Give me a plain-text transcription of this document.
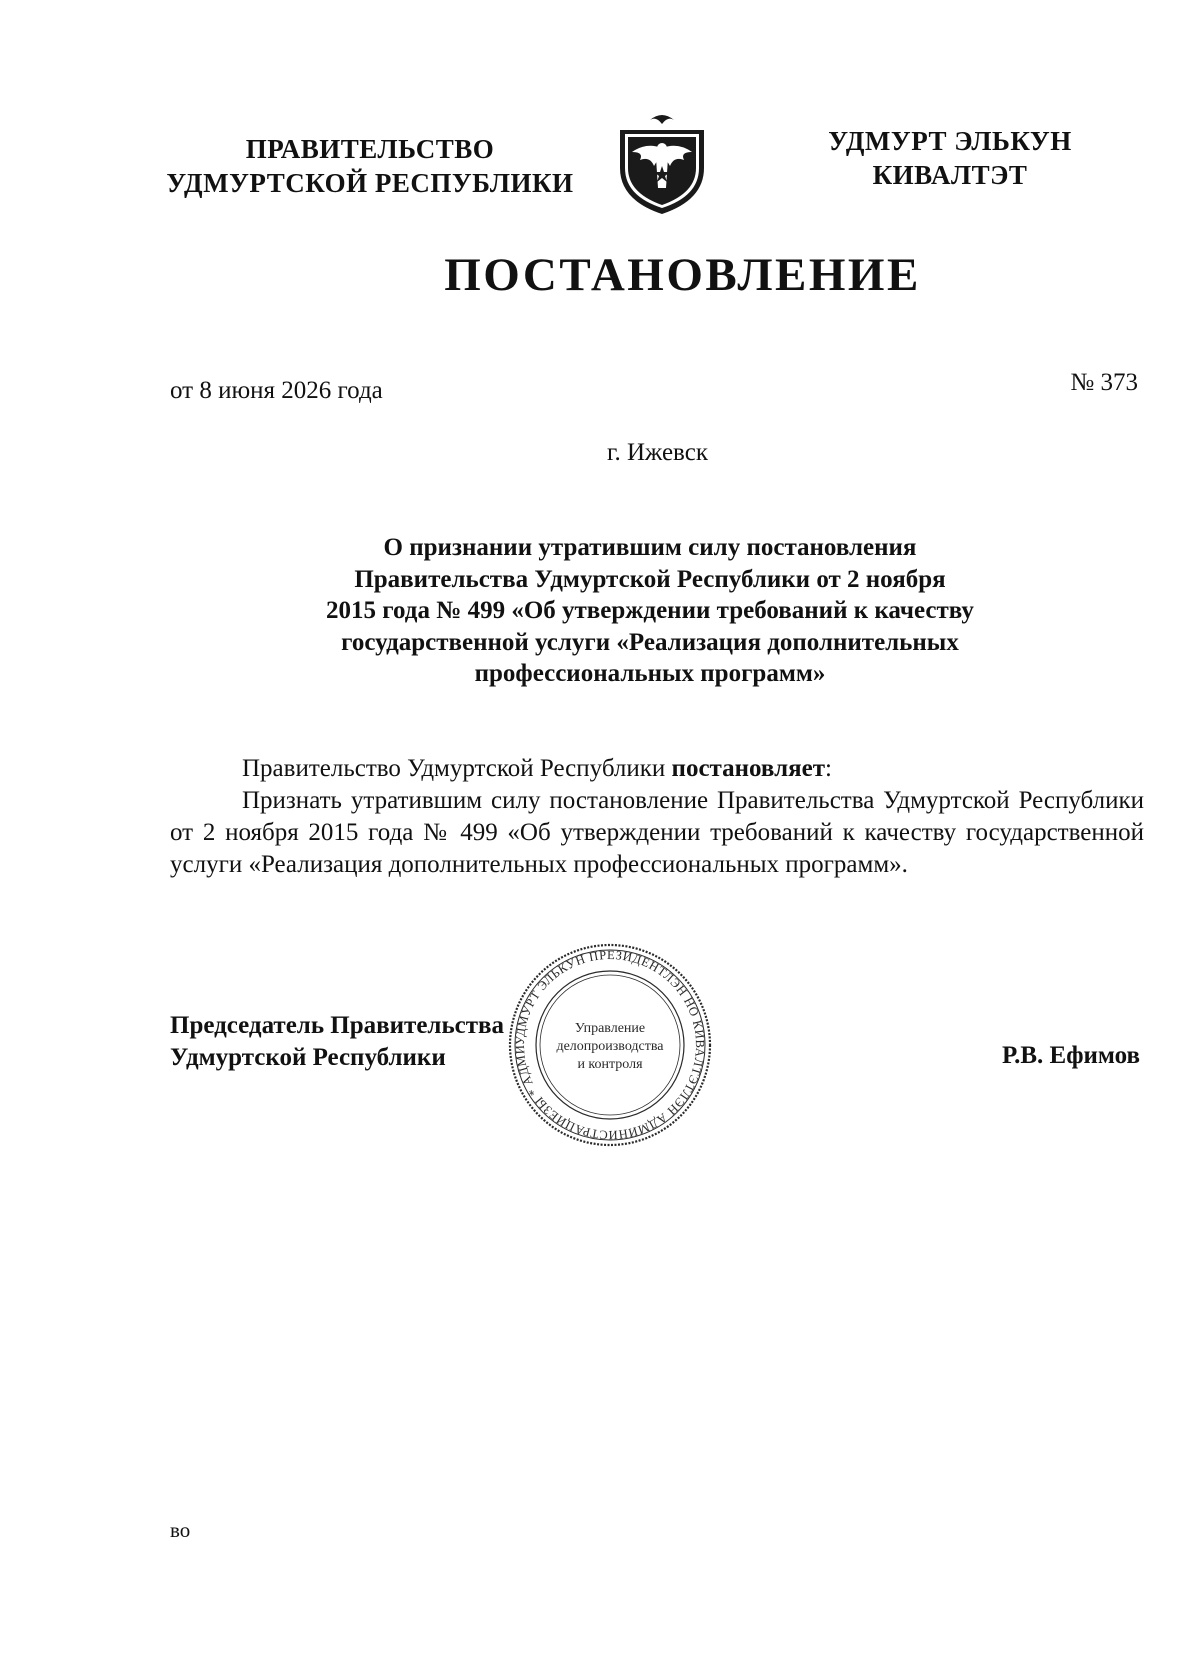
ПРАВИТЕЛЬСТВО
УДМУРТСКОЙ РЕСПУБЛИКИ
УДМУРТ ЭЛЬКУН
КИВАЛТЭТ
ПОСТАНОВЛЕНИЕ
от 8 июня 2026 года	№ 373
г. Ижевск
О признании утратившим силу постановления
Правительства Удмуртской Республики от 2 ноября
2015 года № 499 «Об утверждении требований к качеству
государственной услуги «Реализация дополнительных
профессиональных программ»

Правительство Удмуртской Республики постановляет:

Признать утратившим силу постановление Правительства Удмуртской Республики от 2 ноября 2015 года № 499 «Об утверждении требований к качеству государственной услуги «Реализация дополнительных профессиональных программ».

УДМУРТ ЭЛЬКУН ПРЕЗИДЕНТЛЭН НО КИВАЛТЭТЛЭН АДМИНИСТРАЦИЕЗЫ * АДМИ
Управление
делопроизводства
и контроля
Председатель Правительства
Удмуртской Республики	Р.В. Ефимов
во
